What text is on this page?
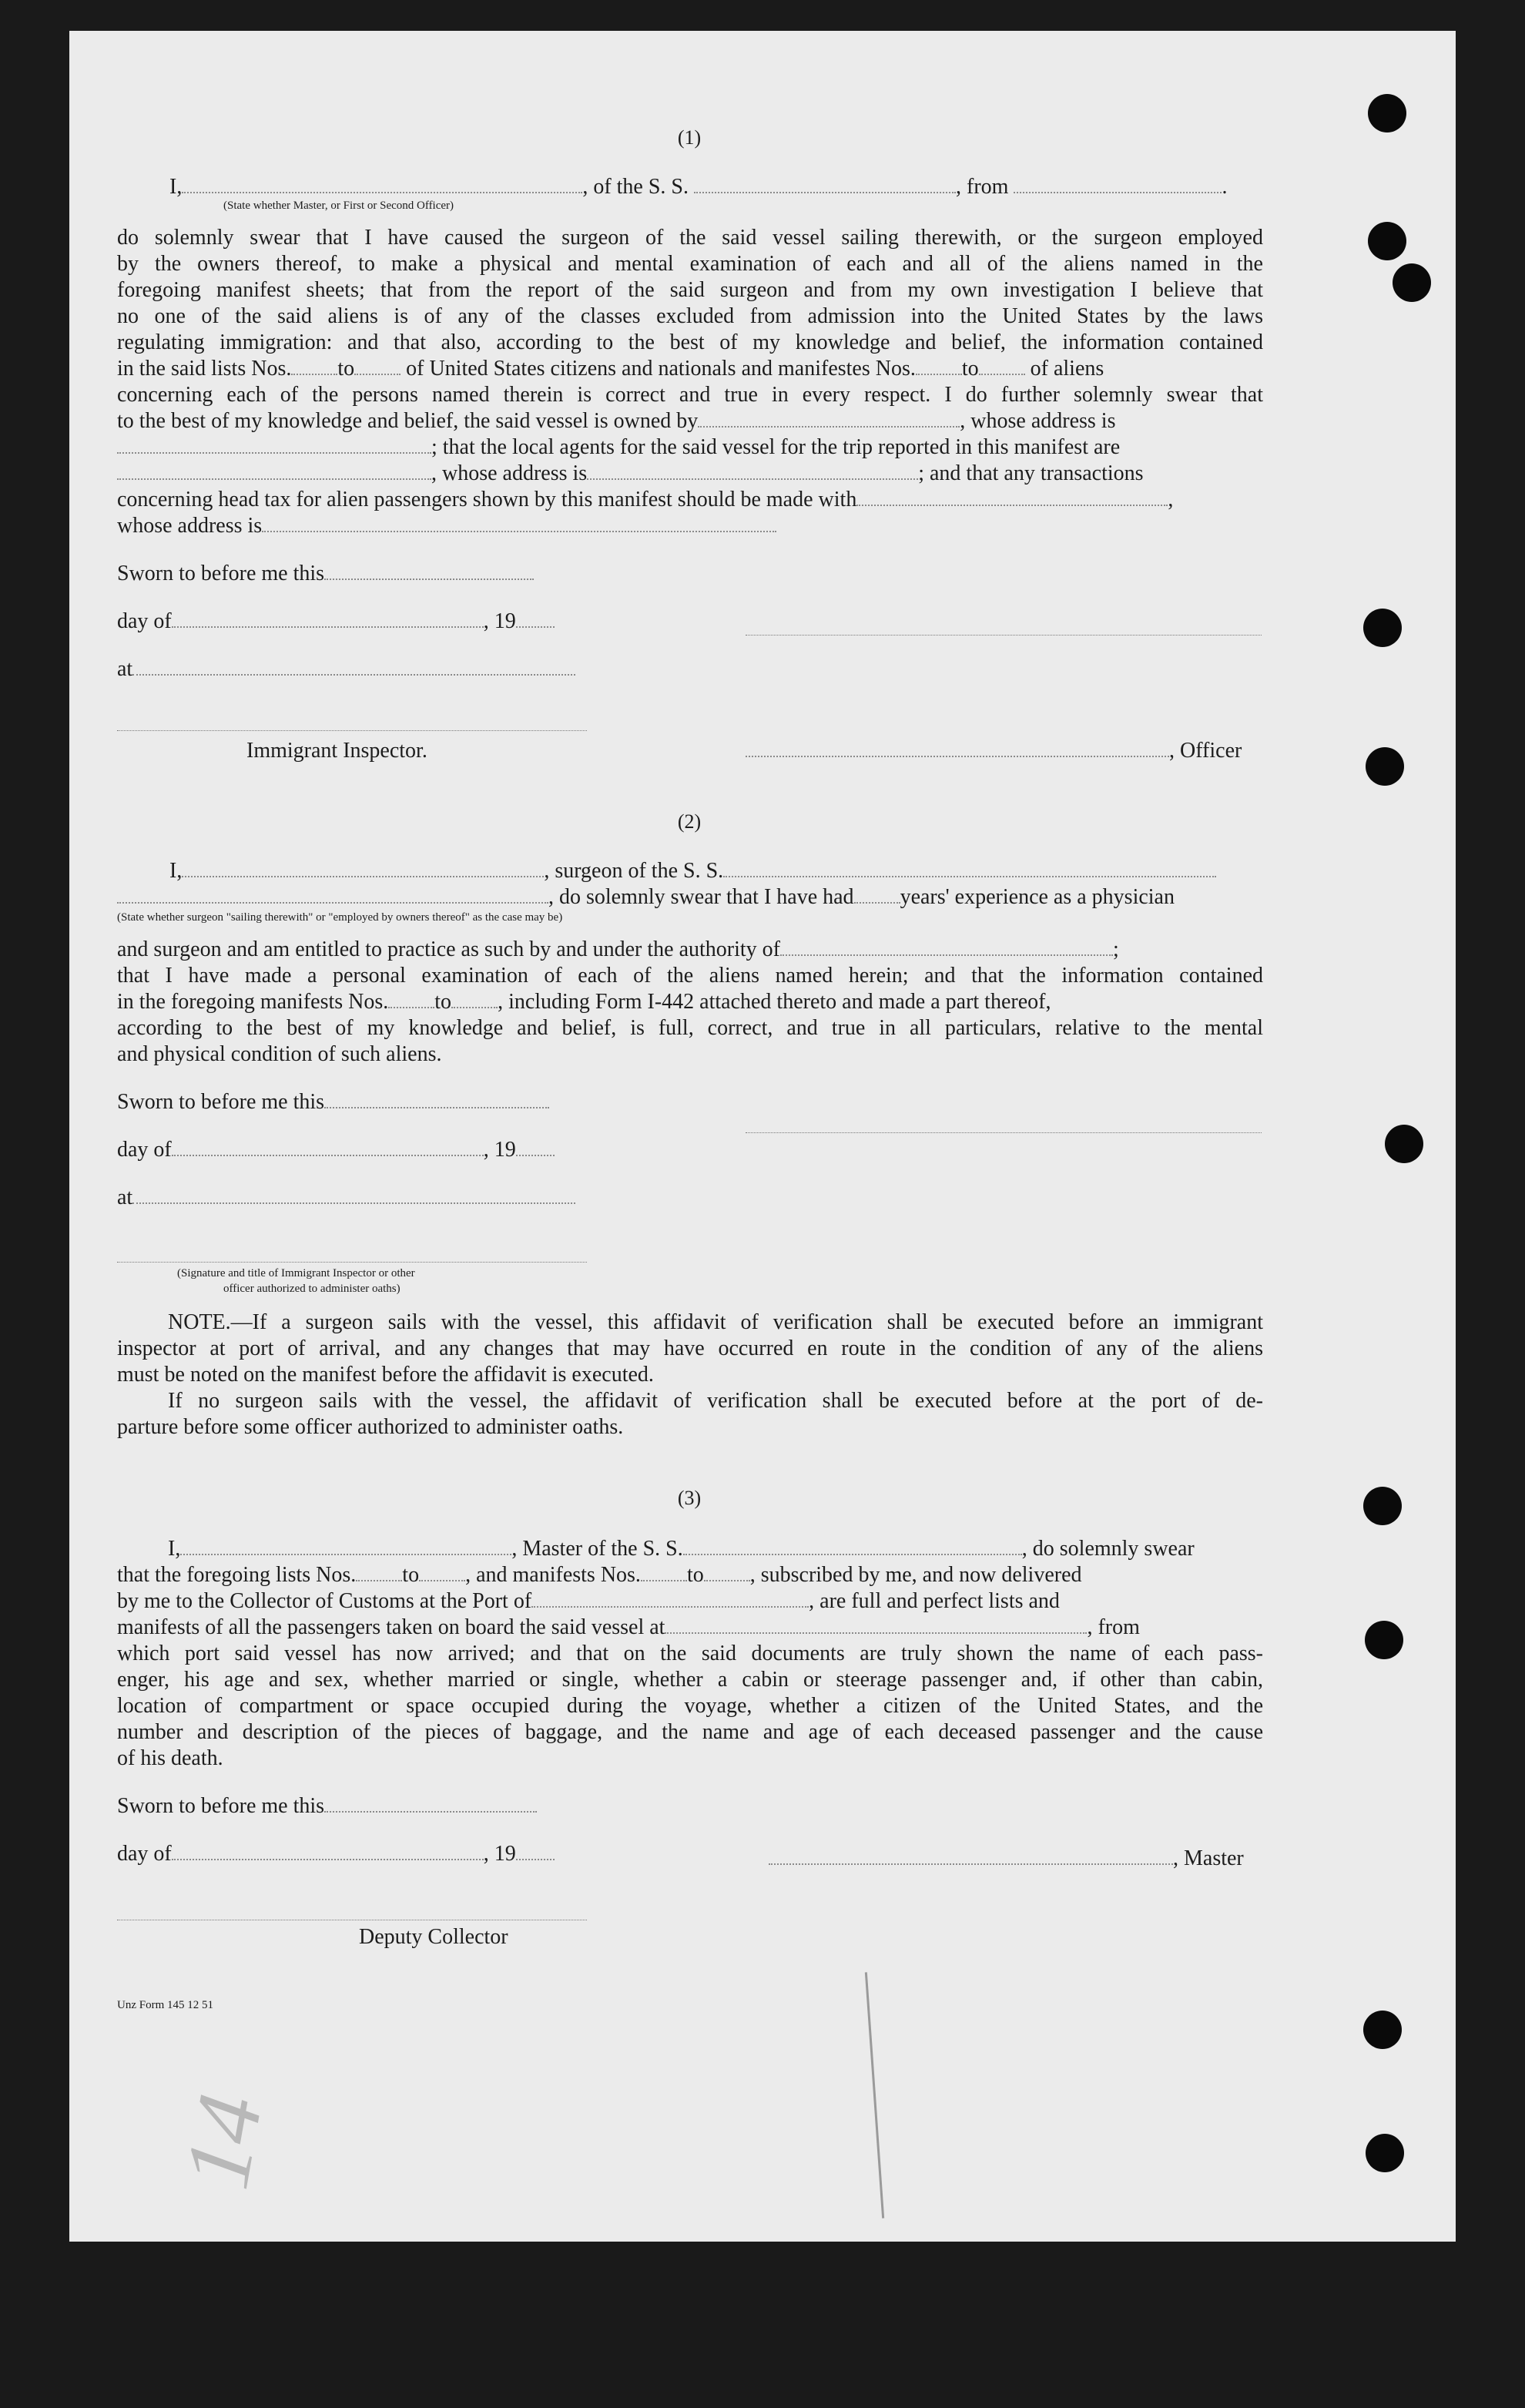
(1)
I,	, of the S. S.	, from	.
(State whether Master, or First or Second Officer)
do solemnly swear that I have caused the surgeon of the said vessel sailing therewith, or the surgeon employed
by the owners thereof, to make a physical and mental examination of each and all of the aliens named in the
foregoing manifest sheets; that from the report of the said surgeon and from my own investigation I believe that
no one of the said aliens is of any of the classes excluded from admission into the United States by the laws
regulating immigration: and that also, according to the best of my knowledge and belief, the information contained
in the said lists Nos. to of United States citizens and nationals and manifestes Nos. to of aliens
concerning each of the persons named therein is correct and true in every respect. I do further solemnly swear that
to the best of my knowledge and belief, the said vessel is owned by	, whose address is
; that the local agents for the said vessel for the trip reported in this manifest are
, whose address is	; and that any transactions
concerning head tax for alien passengers shown by this manifest should be made with	,
whose address is
Sworn to before me this
day of	, 19
at
Immigrant Inspector.	, Officer
(2)
I,	, surgeon of the S. S.
, do solemnly swear that I have had years' experience as a physician
(State whether surgeon "sailing therewith" or "employed by owners thereof" as the case may be)
and surgeon and am entitled to practice as such by and under the authority of	;
that I have made a personal examination of each of the aliens named herein; and that the information contained
in the foregoing manifests Nos. to , including Form I-442 attached thereto and made a part thereof,
according to the best of my knowledge and belief, is full, correct, and true in all particulars, relative to the mental
and physical condition of such aliens.
Sworn to before me this
day of	, 19
at
(Signature and title of Immigrant Inspector or other
officer authorized to administer oaths)
NOTE.—If a surgeon sails with the vessel, this affidavit of verification shall be executed before an immigrant
inspector at port of arrival, and any changes that may have occurred en route in the condition of any of the aliens
must be noted on the manifest before the affidavit is executed.
If no surgeon sails with the vessel, the affidavit of verification shall be executed before at the port of de-
parture before some officer authorized to administer oaths.
(3)
I,	, Master of the S. S.	, do solemnly swear
that the foregoing lists Nos. to , and manifests Nos. to , subscribed by me, and now delivered
by me to the Collector of Customs at the Port of	, are full and perfect lists and
manifests of all the passengers taken on board the said vessel at	, from
which port said vessel has now arrived; and that on the said documents are truly shown the name of each pass-
enger, his age and sex, whether married or single, whether a cabin or steerage passenger and, if other than cabin,
location of compartment or space occupied during the voyage, whether a citizen of the United States, and the
number and description of the pieces of baggage, and the name and age of each deceased passenger and the cause
of his death.
Sworn to before me this
day of	, 19	, Master
Deputy Collector
Unz Form 145 12 51
14
